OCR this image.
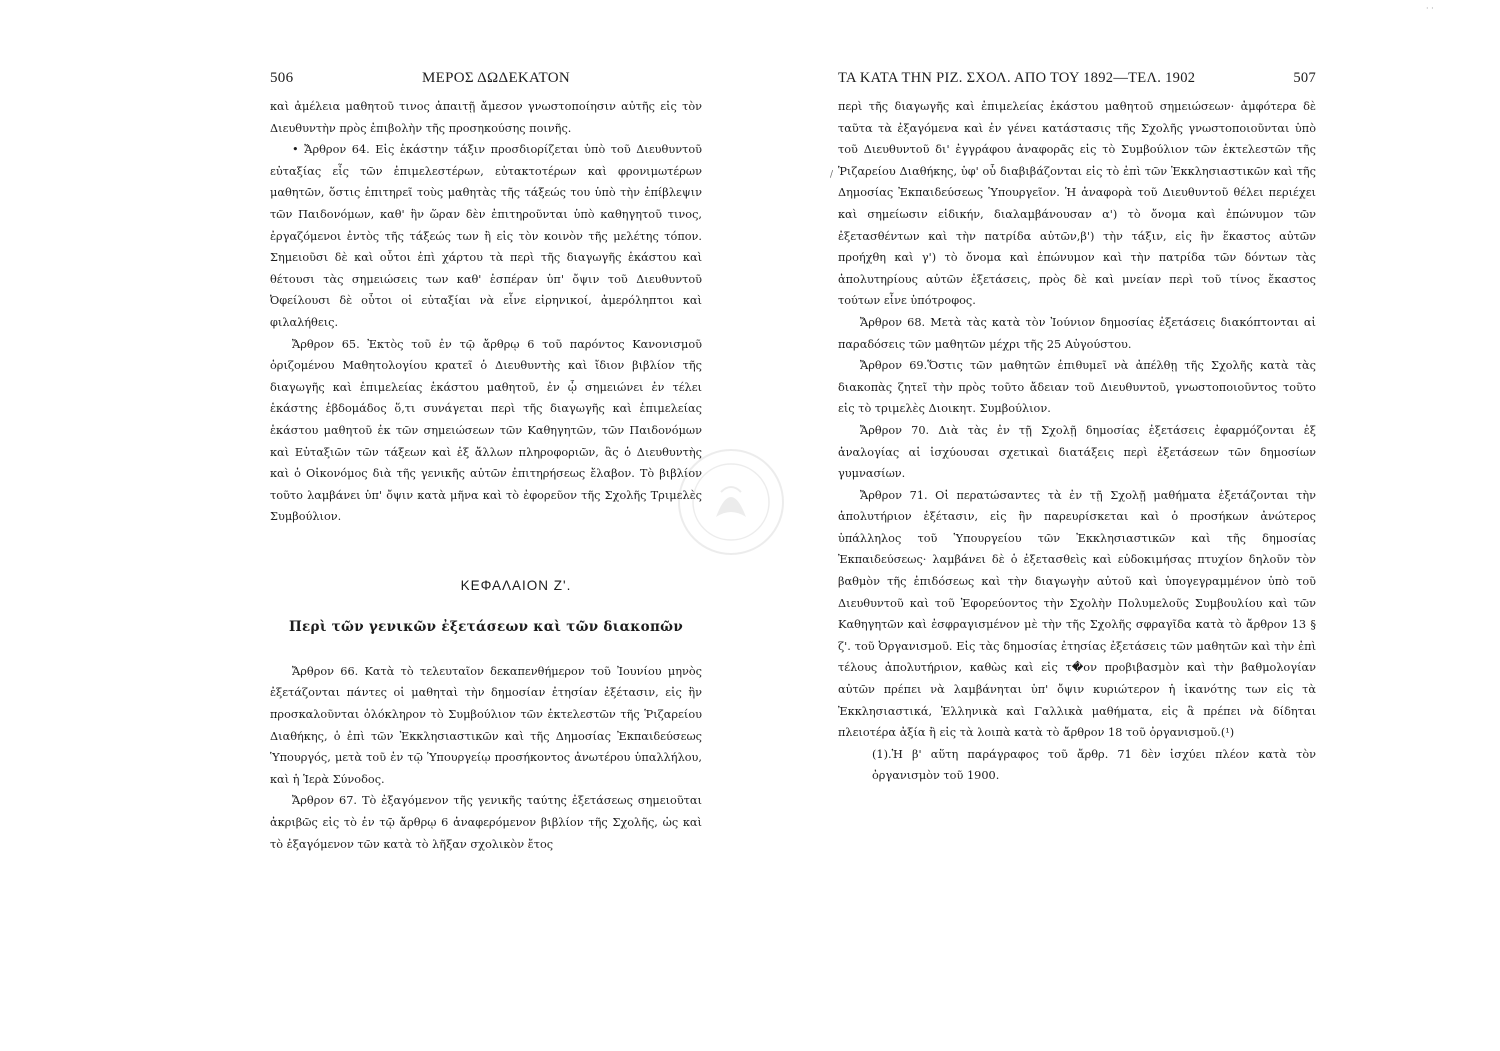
· ·
/
506	ΜΕΡΟΣ ΔΩΔΕΚΑΤΟΝ

καὶ ἀμέλεια μαθητοῦ τινος ἀπαιτῇ ἄμεσον γνωστοποίησιν αὐτῆς εἰς τὸν Διευθυντὴν πρὸς ἐπιβολὴν τῆς προσηκούσης ποινῆς.

• Ἄρθρον 64. Εἰς ἑκάστην τάξιν προσδιορίζεται ὑπὸ τοῦ Διευθυντοῦ εὐταξίας εἷς τῶν ἐπιμελεστέρων, εὐτακτοτέρων καὶ φρονιμωτέρων μαθητῶν, ὅστις ἐπιτηρεῖ τοὺς μαθητὰς τῆς τάξεώς του ὑπὸ τὴν ἐπίβλεψιν τῶν Παιδονόμων, καθ' ἣν ὥραν δὲν ἐπιτηροῦνται ὑπὸ καθηγητοῦ τινος, ἐργαζόμενοι ἐντὸς τῆς τάξεώς των ἢ εἰς τὸν κοινὸν τῆς μελέτης τόπον. Σημειοῦσι δὲ καὶ οὗτοι ἐπὶ χάρτου τὰ περὶ τῆς διαγωγῆς ἑκάστου καὶ θέτουσι τὰς σημειώσεις των καθ' ἑσπέραν ὑπ' ὄψιν τοῦ Διευθυντοῦ Ὀφείλουσι δὲ οὗτοι οἱ εὐταξίαι νὰ εἶνε εἰρηνικοί, ἀμερόληπτοι καὶ φιλαλήθεις.

Ἄρθρον 65. Ἐκτὸς τοῦ ἐν τῷ ἄρθρῳ 6 τοῦ παρόντος Κανονισμοῦ ὁριζομένου Μαθητολογίου κρατεῖ ὁ Διευθυντὴς καὶ ἴδιον βιβλίον τῆς διαγωγῆς καὶ ἐπιμελείας ἑκάστου μαθητοῦ, ἐν ᾧ σημειώνει ἐν τέλει ἑκάστης ἑβδομάδος ὅ,τι συνάγεται περὶ τῆς διαγωγῆς καὶ ἐπιμελείας ἑκάστου μαθητοῦ ἐκ τῶν σημειώσεων τῶν Καθηγητῶν, τῶν Παιδονόμων καὶ Εὐταξιῶν τῶν τάξεων καὶ ἐξ ἄλλων πληροφοριῶν, ἃς ὁ Διευθυντὴς καὶ ὁ Οἰκονόμος διὰ τῆς γενικῆς αὐτῶν ἐπιτηρήσεως ἔλαβον. Τὸ βιβλίον τοῦτο λαμβάνει ὑπ' ὄψιν κατὰ μῆνα καὶ τὸ ἐφορεῦον τῆς Σχολῆς Τριμελὲς Συμβούλιον.

ΚΕΦΑΛΑΙΟΝ Ζ'.
Περὶ τῶν γενικῶν ἐξετάσεων καὶ τῶν διακοπῶν

Ἄρθρον 66. Κατὰ τὸ τελευταῖον δεκαπενθήμερον τοῦ Ἰουνίου μηνὸς ἐξετάζονται πάντες οἱ μαθηταὶ τὴν δημοσίαν ἐτησίαν ἐξέτασιν, εἰς ἣν προσκαλοῦνται ὁλόκληρον τὸ Συμβούλιον τῶν ἐκτελεστῶν τῆς Ῥιζαρείου Διαθήκης, ὁ ἐπὶ τῶν Ἐκκλησιαστικῶν καὶ τῆς Δημοσίας Ἐκπαιδεύσεως Ὑπουργός, μετὰ τοῦ ἐν τῷ Ὑπουργείῳ προσήκοντος ἀνωτέρου ὑπαλλήλου, καὶ ἡ Ἱερὰ Σύνοδος.

Ἄρθρον 67. Τὸ ἐξαγόμενον τῆς γενικῆς ταύτης ἐξετάσεως σημειοῦται ἀκριβῶς εἰς τὸ ἐν τῷ ἄρθρῳ 6 ἀναφερόμενον βιβλίον τῆς Σχολῆς, ὡς καὶ τὸ ἐξαγόμενον τῶν κατὰ τὸ λῆξαν σχολικὸν ἔτος

ΤΑ ΚΑΤΑ ΤΗΝ ΡΙΖ. ΣΧΟΛ. ΑΠΟ ΤΟΥ 1892—ΤΕΛ. 1902	507

περὶ τῆς διαγωγῆς καὶ ἐπιμελείας ἑκάστου μαθητοῦ σημειώσεων· ἀμφότερα δὲ ταῦτα τὰ ἐξαγόμενα καὶ ἐν γένει κατάστασις τῆς Σχολῆς γνωστοποιοῦνται ὑπὸ τοῦ Διευθυντοῦ δι' ἐγγράφου ἀναφορᾶς εἰς τὸ Συμβούλιον τῶν ἐκτελεστῶν τῆς Ῥιζαρείου Διαθήκης, ὑφ' οὗ διαβιβάζονται εἰς τὸ ἐπὶ τῶν Ἐκκλησιαστικῶν καὶ τῆς Δημοσίας Ἐκπαιδεύσεως Ὑπουργεῖον. Ἡ ἀναφορὰ τοῦ Διευθυντοῦ θέλει περιέχει καὶ σημείωσιν εἰδικήν, διαλαμβάνουσαν α') τὸ ὄνομα καὶ ἐπώνυμον τῶν ἐξετασθέντων καὶ τὴν πατρίδα αὐτῶν,β') τὴν τάξιν, εἰς ἣν ἕκαστος αὐτῶν προήχθη καὶ γ') τὸ ὄνομα καὶ ἐπώνυμον καὶ τὴν πατρίδα τῶν δόντων τὰς ἀπολυτηρίους αὐτῶν ἐξετάσεις, πρὸς δὲ καὶ μνείαν περὶ τοῦ τίνος ἕκαστος τούτων εἶνε ὑπότροφος.

Ἄρθρον 68. Μετὰ τὰς κατὰ τὸν Ἰούνιον δημοσίας ἐξετάσεις διακόπτονται αἱ παραδόσεις τῶν μαθητῶν μέχρι τῆς 25 Αὐγούστου.

Ἄρθρον 69.Ὅστις τῶν μαθητῶν ἐπιθυμεῖ νὰ ἀπέλθῃ τῆς Σχολῆς κατὰ τὰς διακοπὰς ζητεῖ τὴν πρὸς τοῦτο ἄδειαν τοῦ Διευθυντοῦ, γνωστοποιοῦντος τοῦτο εἰς τὸ τριμελὲς Διοικητ. Συμβούλιον.

Ἄρθρον 70. Διὰ τὰς ἐν τῇ Σχολῇ δημοσίας ἐξετάσεις ἐφαρμόζονται ἐξ ἀναλογίας αἱ ἰσχύουσαι σχετικαὶ διατάξεις περὶ ἐξετάσεων τῶν δημοσίων γυμνασίων.

Ἄρθρον 71. Οἱ περατώσαντες τὰ ἐν τῇ Σχολῇ μαθήματα ἐξετάζονται τὴν ἀπολυτήριον ἐξέτασιν, εἰς ἣν παρευρίσκεται καὶ ὁ προσήκων ἀνώτερος ὑπάλληλος τοῦ Ὑπουργείου τῶν Ἐκκλησιαστικῶν καὶ τῆς δημοσίας Ἐκπαιδεύσεως· λαμβάνει δὲ ὁ ἐξετασθεὶς καὶ εὐδοκιμήσας πτυχίον δηλοῦν τὸν βαθμὸν τῆς ἐπιδόσεως καὶ τὴν διαγωγὴν αὐτοῦ καὶ ὑπογεγραμμένον ὑπὸ τοῦ Διευθυντοῦ καὶ τοῦ Ἐφορεύοντος τὴν Σχολὴν Πολυμελοῦς Συμβουλίου καὶ τῶν Καθηγητῶν καὶ ἐσφραγισμένον μὲ τὴν τῆς Σχολῆς σφραγῖδα κατὰ τὸ ἄρθρον 13 § ζ'. τοῦ Ὀργανισμοῦ. Εἰς τὰς δημοσίας ἐτησίας ἐξετάσεις τῶν μαθητῶν καὶ τὴν ἐπὶ τέλους ἀπολυτήριον, καθὼς καὶ εἰς τ�ον προβιβασμὸν καὶ τὴν βαθμολογίαν αὐτῶν πρέπει νὰ λαμβάνηται ὑπ' ὄψιν κυριώτερον ἡ ἱκανότης των εἰς τὰ Ἐκκλησιαστικά, Ἑλληνικὰ καὶ Γαλλικὰ μαθήματα, εἰς ἃ πρέπει νὰ δίδηται πλειοτέρα ἀξία ἢ εἰς τὰ λοιπὰ κατὰ τὸ ἄρθρον 18 τοῦ ὀργανισμοῦ.(¹)

(1).Ἡ β' αὕτη παράγραφος τοῦ ἄρθρ. 71 δὲν ἰσχύει πλέον κατὰ τὸν ὀργανισμὸν τοῦ 1900.
